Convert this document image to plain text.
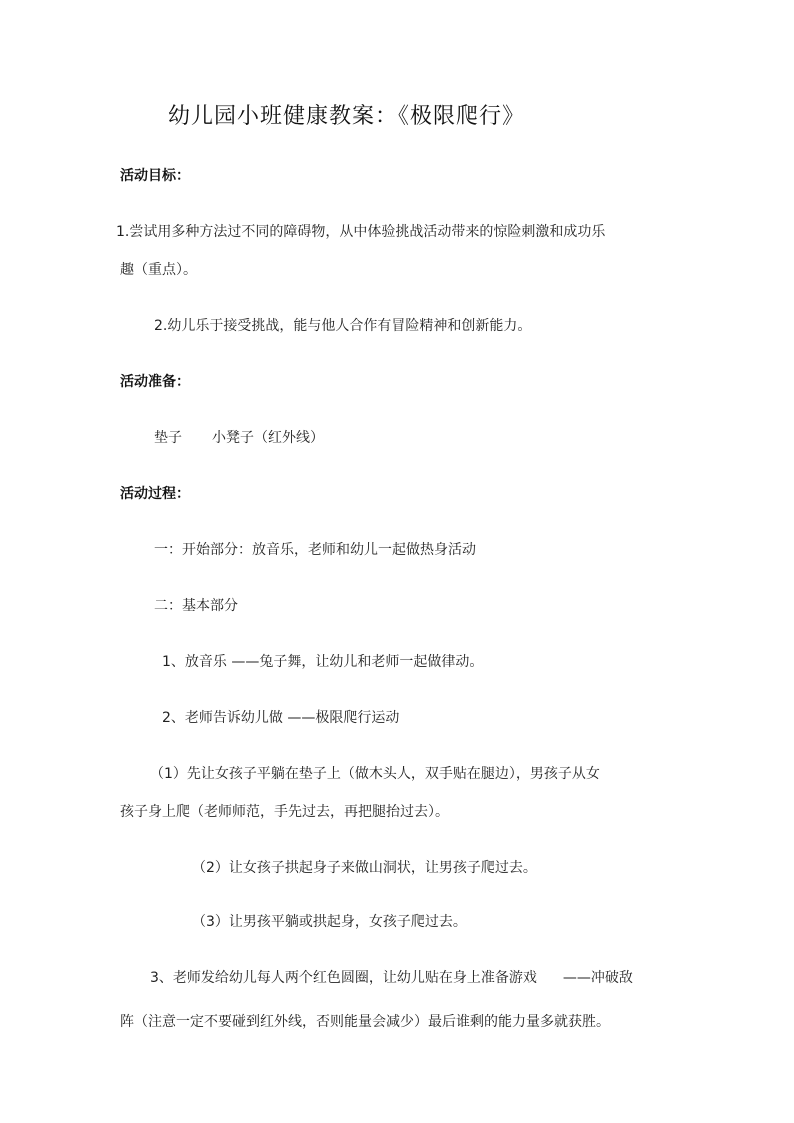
幼儿园小班健康教案：《极限爬行》
活动目标：
1.尝试用多种方法过不同的障碍物，从中体验挑战活动带来的惊险刺激和成功乐
趣（重点）。
2.幼儿乐于接受挑战，能与他人合作有冒险精神和创新能力。
活动准备：
垫子 小凳子（红外线）
活动过程：
一：开始部分：放音乐，老师和幼儿一起做热身活动
二：基本部分
1、放音乐 ——兔子舞，让幼儿和老师一起做律动。
2、老师告诉幼儿做 ——极限爬行运动
（1）先让女孩子平躺在垫子上（做木头人，双手贴在腿边），男孩子从女
孩子身上爬（老师师范，手先过去，再把腿抬过去）。
（2）让女孩子拱起身子来做山洞状，让男孩子爬过去。
（3）让男孩平躺或拱起身，女孩子爬过去。
3、老师发给幼儿每人两个红色圆圈，让幼儿贴在身上准备游戏 ——冲破敌
阵（注意一定不要碰到红外线，否则能量会减少）最后谁剩的能力量多就获胜。
